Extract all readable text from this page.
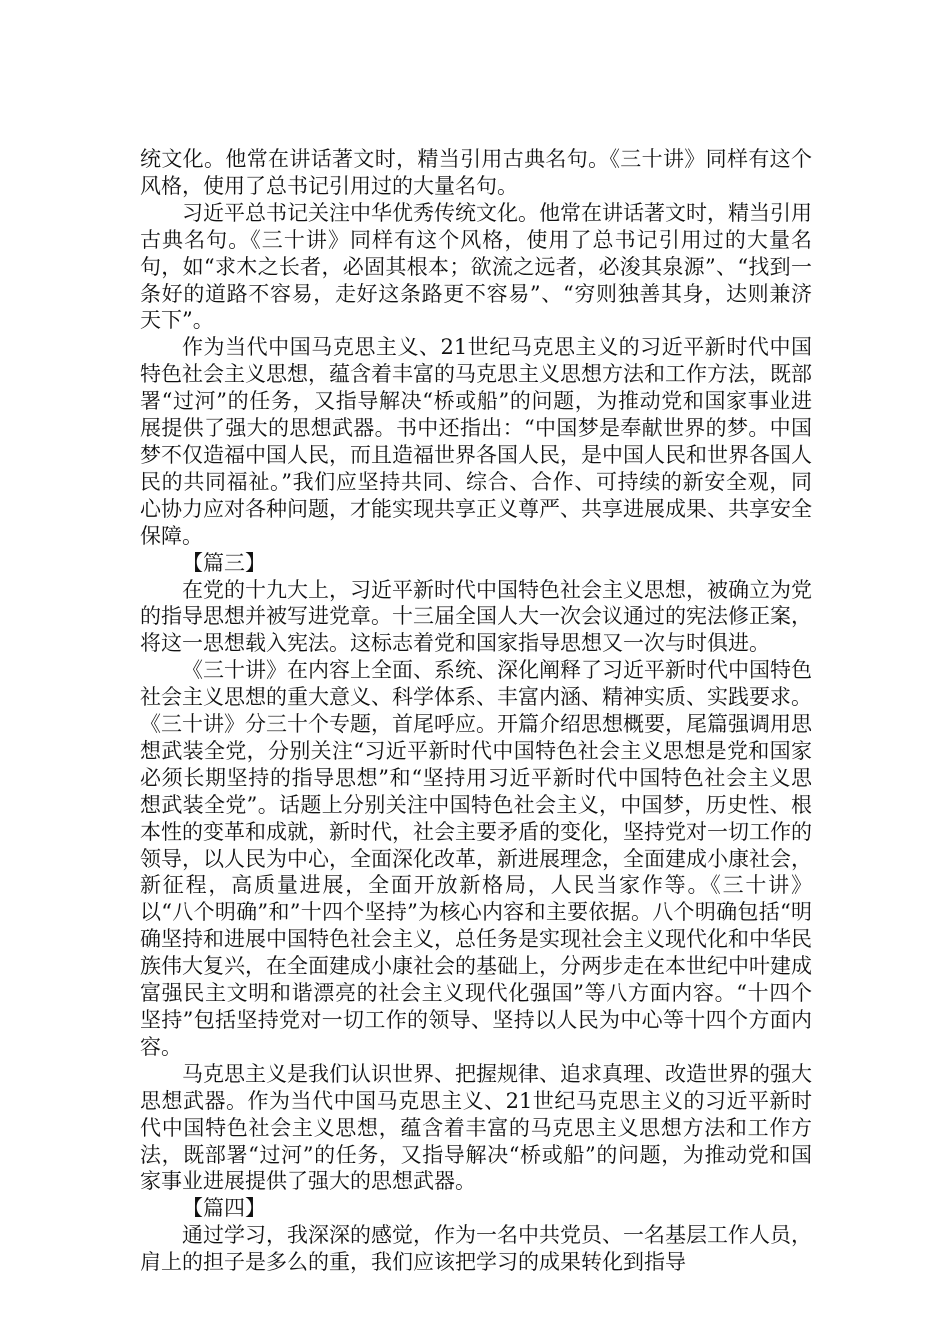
统文化。他常在讲话著文时，精当引用古典名句。《三十讲》同样有这个风格，使用了总书记引用过的大量名句。

习近平总书记关注中华优秀传统文化。他常在讲话著文时，精当引用古典名句。《三十讲》同样有这个风格，使用了总书记引用过的大量名句，如“求木之长者，必固其根本；欲流之远者，必浚其泉源”、“找到一条好的道路不容易，走好这条路更不容易”、“穷则独善其身，达则兼济天下”。

作为当代中国马克思主义、21世纪马克思主义的习近平新时代中国特色社会主义思想，蕴含着丰富的马克思主义思想方法和工作方法，既部署“过河”的任务，又指导解决“桥或船”的问题，为推动党和国家事业进展提供了强大的思想武器。书中还指出：“中国梦是奉献世界的梦。中国梦不仅造福中国人民，而且造福世界各国人民，是中国人民和世界各国人民的共同福祉。”我们应坚持共同、综合、合作、可持续的新安全观，同心协力应对各种问题，才能实现共享正义尊严、共享进展成果、共享安全保障。

【篇三】

在党的十九大上，习近平新时代中国特色社会主义思想，被确立为党的指导思想并被写进党章。十三届全国人大一次会议通过的宪法修正案，将这一思想载入宪法。这标志着党和国家指导思想又一次与时俱进。

《三十讲》在内容上全面、系统、深化阐释了习近平新时代中国特色社会主义思想的重大意义、科学体系、丰富内涵、精神实质、实践要求。《三十讲》分三十个专题，首尾呼应。开篇介绍思想概要，尾篇强调用思想武装全党，分别关注“习近平新时代中国特色社会主义思想是党和国家必须长期坚持的指导思想”和“坚持用习近平新时代中国特色社会主义思想武装全党”。话题上分别关注中国特色社会主义，中国梦，历史性、根本性的变革和成就，新时代，社会主要矛盾的变化，坚持党对一切工作的领导，以人民为中心，全面深化改革，新进展理念，全面建成小康社会，新征程，高质量进展，全面开放新格局，人民当家作等。《三十讲》以“八个明确”和”十四个坚持”为核心内容和主要依据。八个明确包括“明确坚持和进展中国特色社会主义，总任务是实现社会主义现代化和中华民族伟大复兴，在全面建成小康社会的基础上，分两步走在本世纪中叶建成富强民主文明和谐漂亮的社会主义现代化强国”等八方面内容。“十四个坚持”包括坚持党对一切工作的领导、坚持以人民为中心等十四个方面内容。

马克思主义是我们认识世界、把握规律、追求真理、改造世界的强大思想武器。作为当代中国马克思主义、21世纪马克思主义的习近平新时代中国特色社会主义思想，蕴含着丰富的马克思主义思想方法和工作方法，既部署“过河”的任务，又指导解决“桥或船”的问题，为推动党和国家事业进展提供了强大的思想武器。

【篇四】

通过学习，我深深的感觉，作为一名中共党员、一名基层工作人员，肩上的担子是多么的重，我们应该把学习的成果转化到指导
